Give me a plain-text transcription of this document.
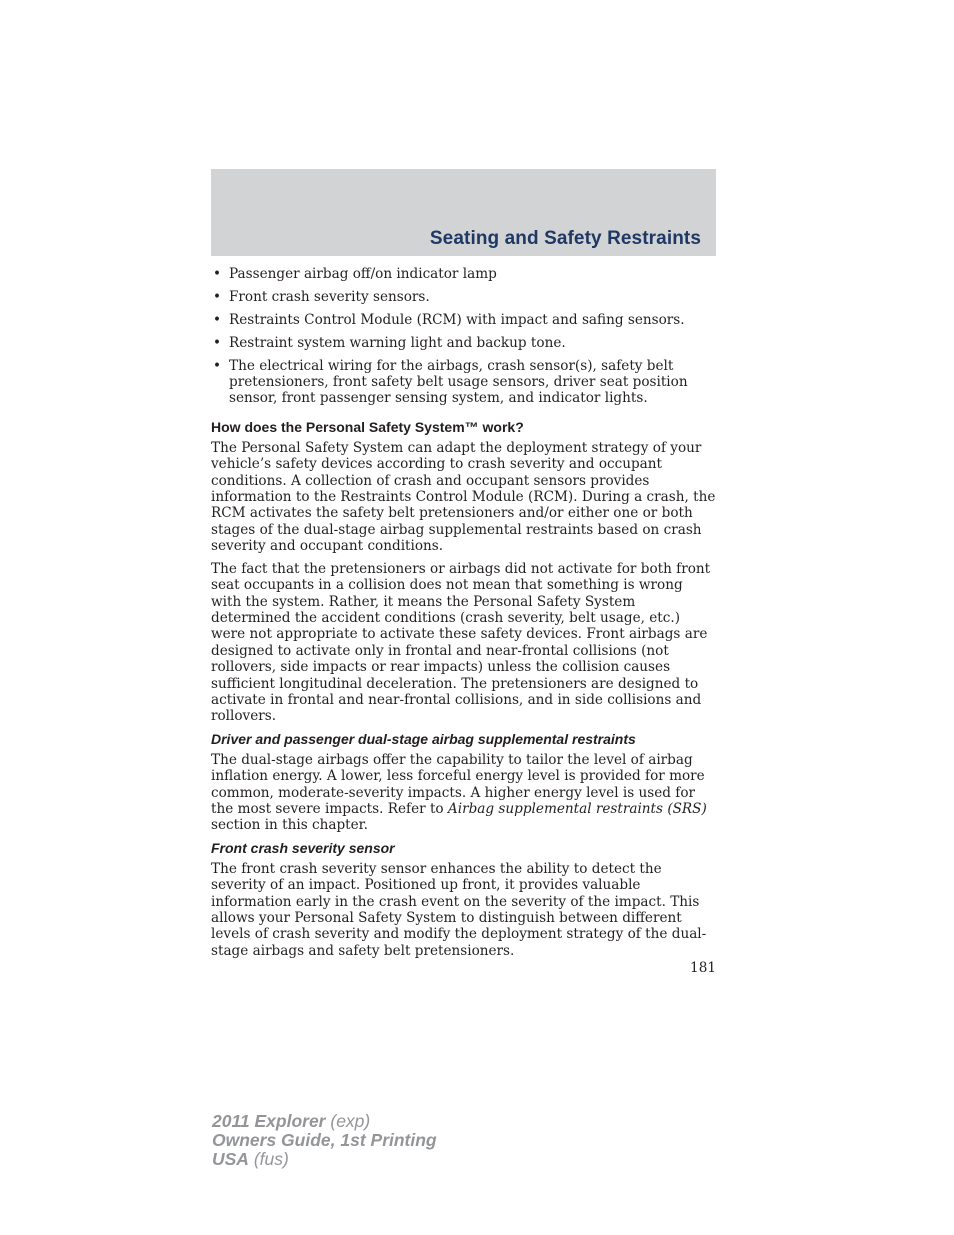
Seating and Safety Restraints
• Passenger airbag off/on indicator lamp
• Front crash severity sensors.
• Restraints Control Module (RCM) with impact and safing sensors.
• Restraint system warning light and backup tone.
• The electrical wiring for the airbags, crash sensor(s), safety belt pretensioners, front safety belt usage sensors, driver seat position sensor, front passenger sensing system, and indicator lights.
How does the Personal Safety System™ work?

The Personal Safety System can adapt the deployment strategy of your vehicle’s safety devices according to crash severity and occupant conditions. A collection of crash and occupant sensors provides information to the Restraints Control Module (RCM). During a crash, the RCM activates the safety belt pretensioners and/or either one or both stages of the dual-stage airbag supplemental restraints based on crash severity and occupant conditions.

The fact that the pretensioners or airbags did not activate for both front seat occupants in a collision does not mean that something is wrong with the system. Rather, it means the Personal Safety System determined the accident conditions (crash severity, belt usage, etc.) were not appropriate to activate these safety devices. Front airbags are designed to activate only in frontal and near-frontal collisions (not rollovers, side impacts or rear impacts) unless the collision causes sufficient longitudinal deceleration. The pretensioners are designed to activate in frontal and near-frontal collisions, and in side collisions and rollovers.

Driver and passenger dual-stage airbag supplemental restraints

The dual-stage airbags offer the capability to tailor the level of airbag inflation energy. A lower, less forceful energy level is provided for more common, moderate-severity impacts. A higher energy level is used for the most severe impacts. Refer to Airbag supplemental restraints (SRS) section in this chapter.

Front crash severity sensor

The front crash severity sensor enhances the ability to detect the severity of an impact. Positioned up front, it provides valuable information early in the crash event on the severity of the impact. This allows your Personal Safety System to distinguish between different levels of crash severity and modify the deployment strategy of the dual-stage airbags and safety belt pretensioners.

181
2011 Explorer (exp)
Owners Guide, 1st Printing
USA (fus)
